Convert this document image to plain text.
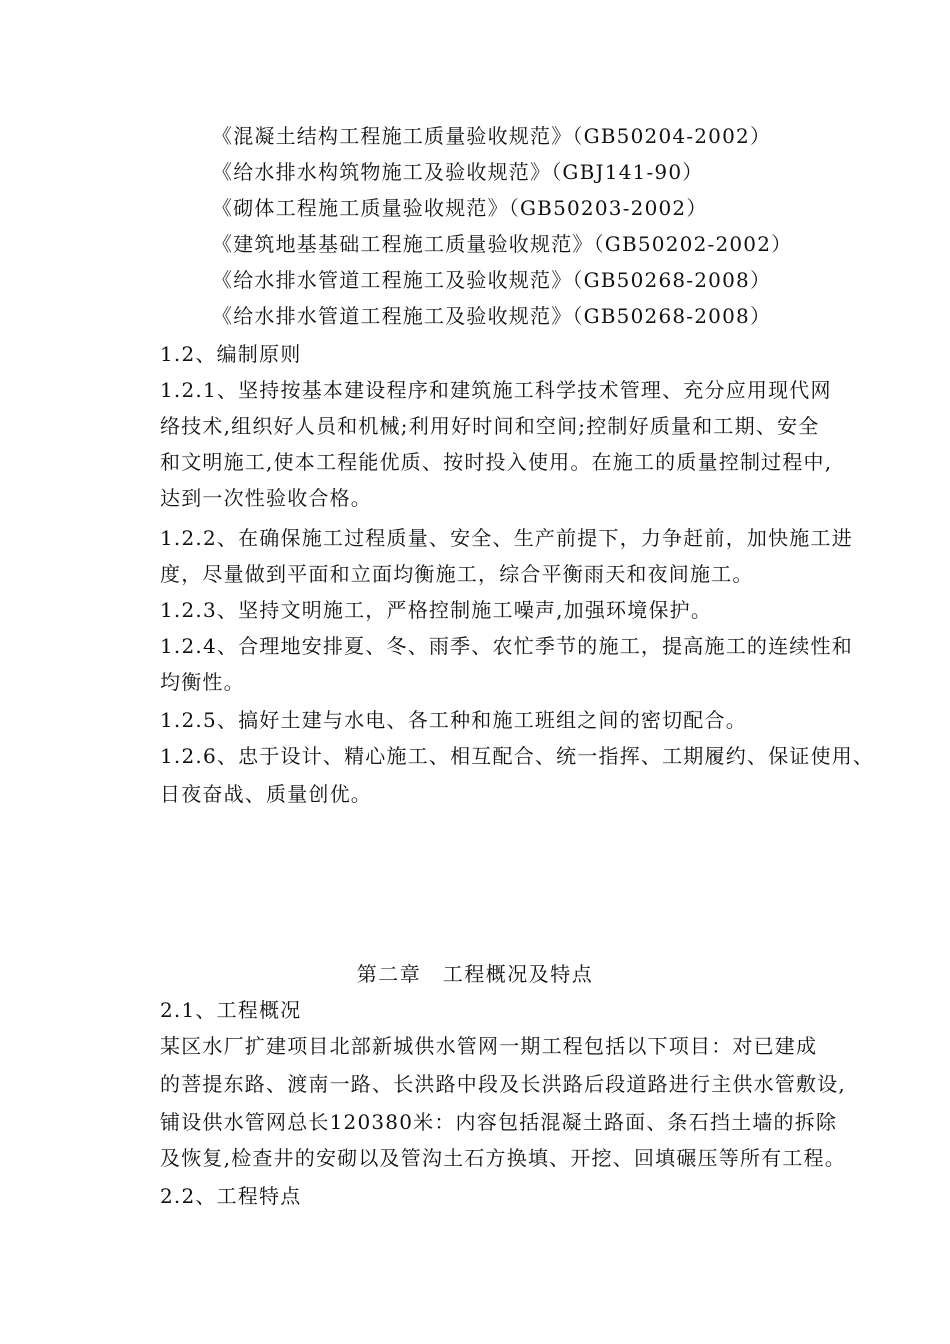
《混凝土结构工程施工质量验收规范》（GB50204-2002）
《给水排水构筑物施工及验收规范》（GBJ141-90）
《砌体工程施工质量验收规范》（GB50203-2002）
《建筑地基基础工程施工质量验收规范》（GB50202-2002）
《给水排水管道工程施工及验收规范》（GB50268-2008）
《给水排水管道工程施工及验收规范》（GB50268-2008）
1.2、编制原则
1.2.1、坚持按基本建设程序和建筑施工科学技术管理、充分应用现代网
络技术,组织好人员和机械;利用好时间和空间;控制好质量和工期、安全
和文明施工,使本工程能优质、按时投入使用。在施工的质量控制过程中,
达到一次性验收合格。
1.2.2、在确保施工过程质量、安全、生产前提下，力争赶前，加快施工进
度，尽量做到平面和立面均衡施工，综合平衡雨天和夜间施工。
1.2.3、坚持文明施工，严格控制施工噪声,加强环境保护。
1.2.4、合理地安排夏、冬、雨季、农忙季节的施工，提高施工的连续性和
均衡性。
1.2.5、搞好土建与水电、各工种和施工班组之间的密切配合。
1.2.6、忠于设计、精心施工、相互配合、统一指挥、工期履约、保证使用、
日夜奋战、质量创优。
第二章　工程概况及特点
2.1、工程概况
某区水厂扩建项目北部新城供水管网一期工程包括以下项目：对已建成
的菩提东路、渡南一路、长洪路中段及长洪路后段道路进行主供水管敷设,
铺设供水管网总长120380米：内容包括混凝土路面、条石挡土墙的拆除
及恢复,检查井的安砌以及管沟土石方换填、开挖、回填碾压等所有工程。
2.2、工程特点
